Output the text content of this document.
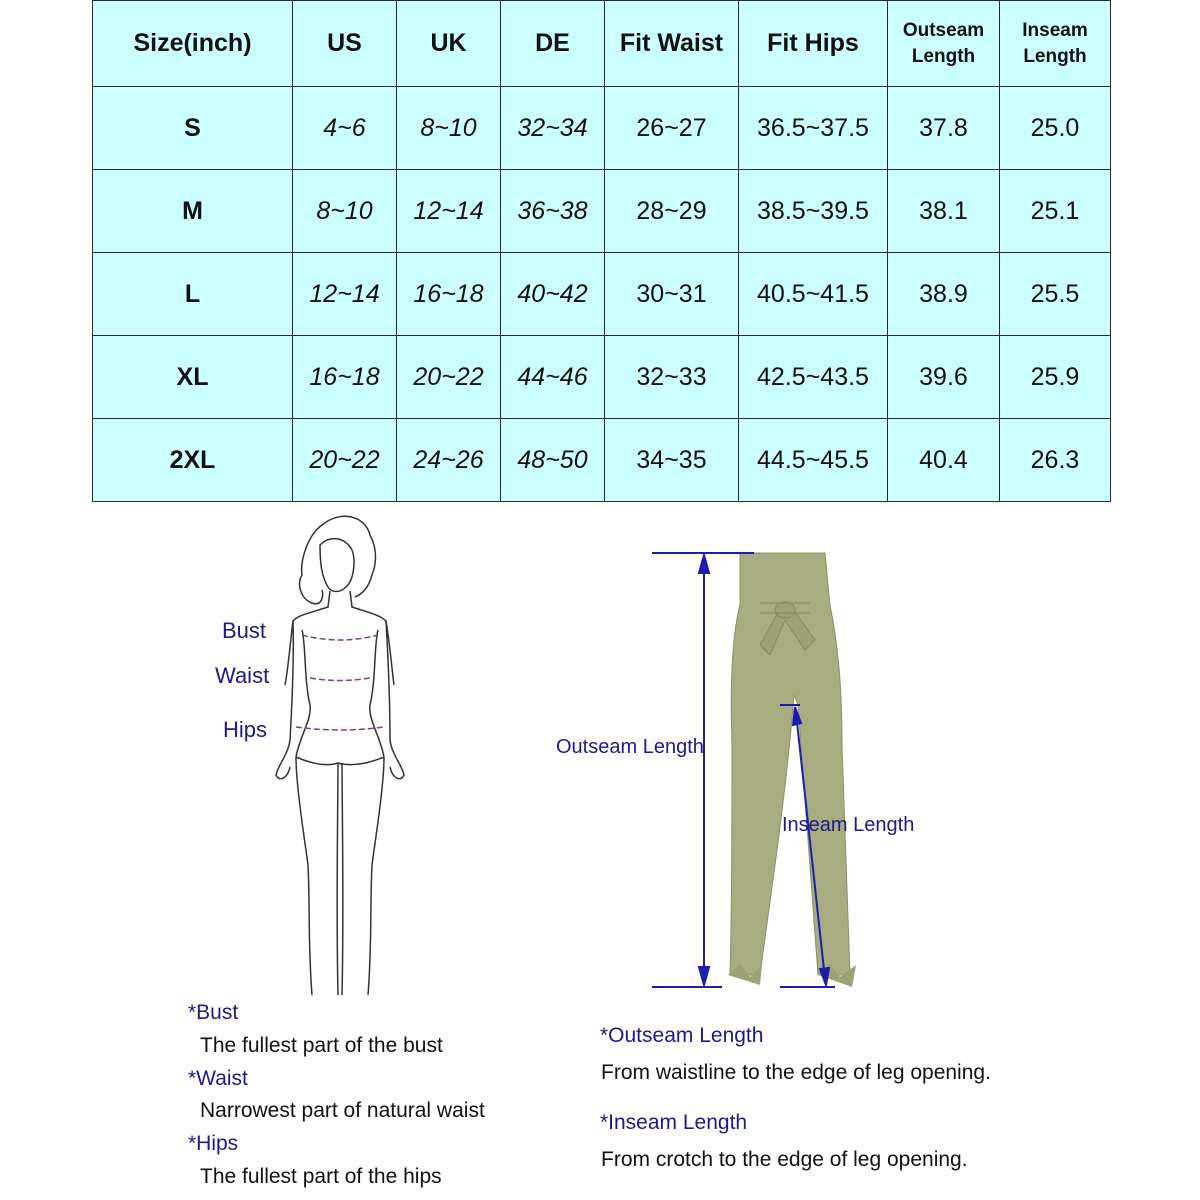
Size(inch)	US	UK	DE	Fit Waist	Fit Hips	Outseam Length	Inseam Length
S	4~6	8~10	32~34	26~27	36.5~37.5	37.8	25.0
M	8~10	12~14	36~38	28~29	38.5~39.5	38.1	25.1
L	12~14	16~18	40~42	30~31	40.5~41.5	38.9	25.5
XL	16~18	20~22	44~46	32~33	42.5~43.5	39.6	25.9
2XL	20~22	24~26	48~50	34~35	44.5~45.5	40.4	26.3
Bust
Waist
Hips
Outseam Length
Inseam Length
*Bust
The fullest part of the bust
*Waist
Narrowest part of natural waist
*Hips
The fullest part of the hips
*Outseam Length
From waistline to the edge of leg opening.
*Inseam Length
From crotch to the edge of leg opening.
